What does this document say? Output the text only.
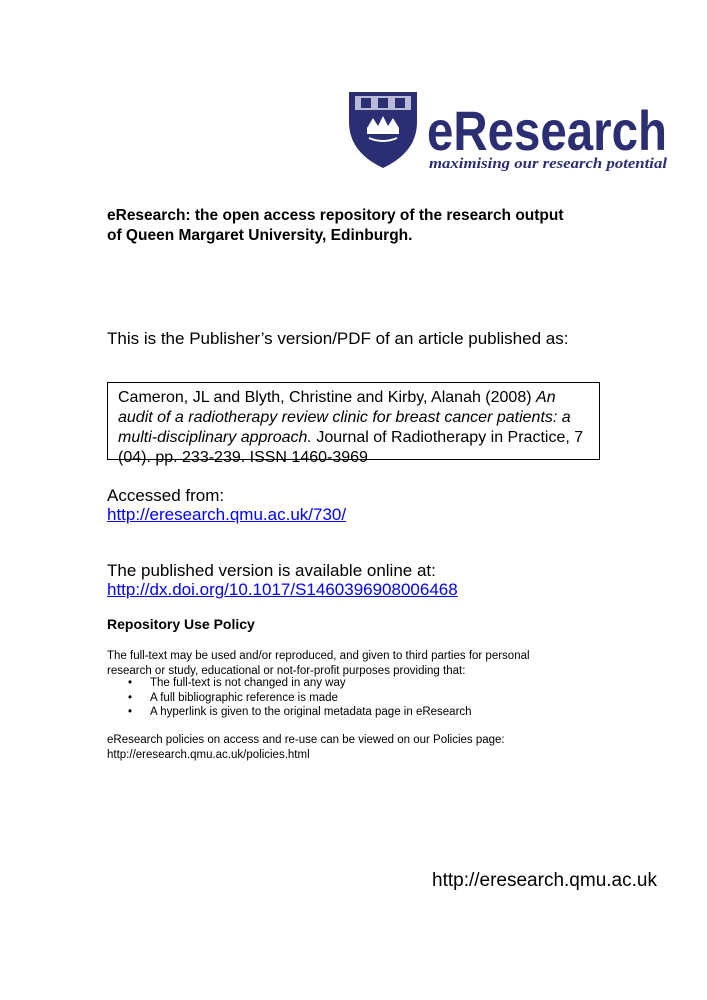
eResearch
maximising our research potential
eResearch: the open access repository of the research output
of Queen Margaret University, Edinburgh.
This is the Publisher’s version/PDF of an article published as:
Cameron, JL and Blyth, Christine and Kirby, Alanah (2008) An audit of a radiotherapy review clinic for breast cancer patients: a multi-disciplinary approach. Journal of Radiotherapy in Practice, 7 (04). pp. 233-239. ISSN 1460-3969
Accessed from:
http://eresearch.qmu.ac.uk/730/
The published version is available online at:
http://dx.doi.org/10.1017/S1460396908006468
Repository Use Policy
The full-text may be used and/or reproduced, and given to third parties for personal research or study, educational or not-for-profit purposes providing that:
• The full-text is not changed in any way
• A full bibliographic reference is made
• A hyperlink is given to the original metadata page in eResearch
eResearch policies on access and re-use can be viewed on our Policies page: http://eresearch.qmu.ac.uk/policies.html
http://eresearch.qmu.ac.uk
